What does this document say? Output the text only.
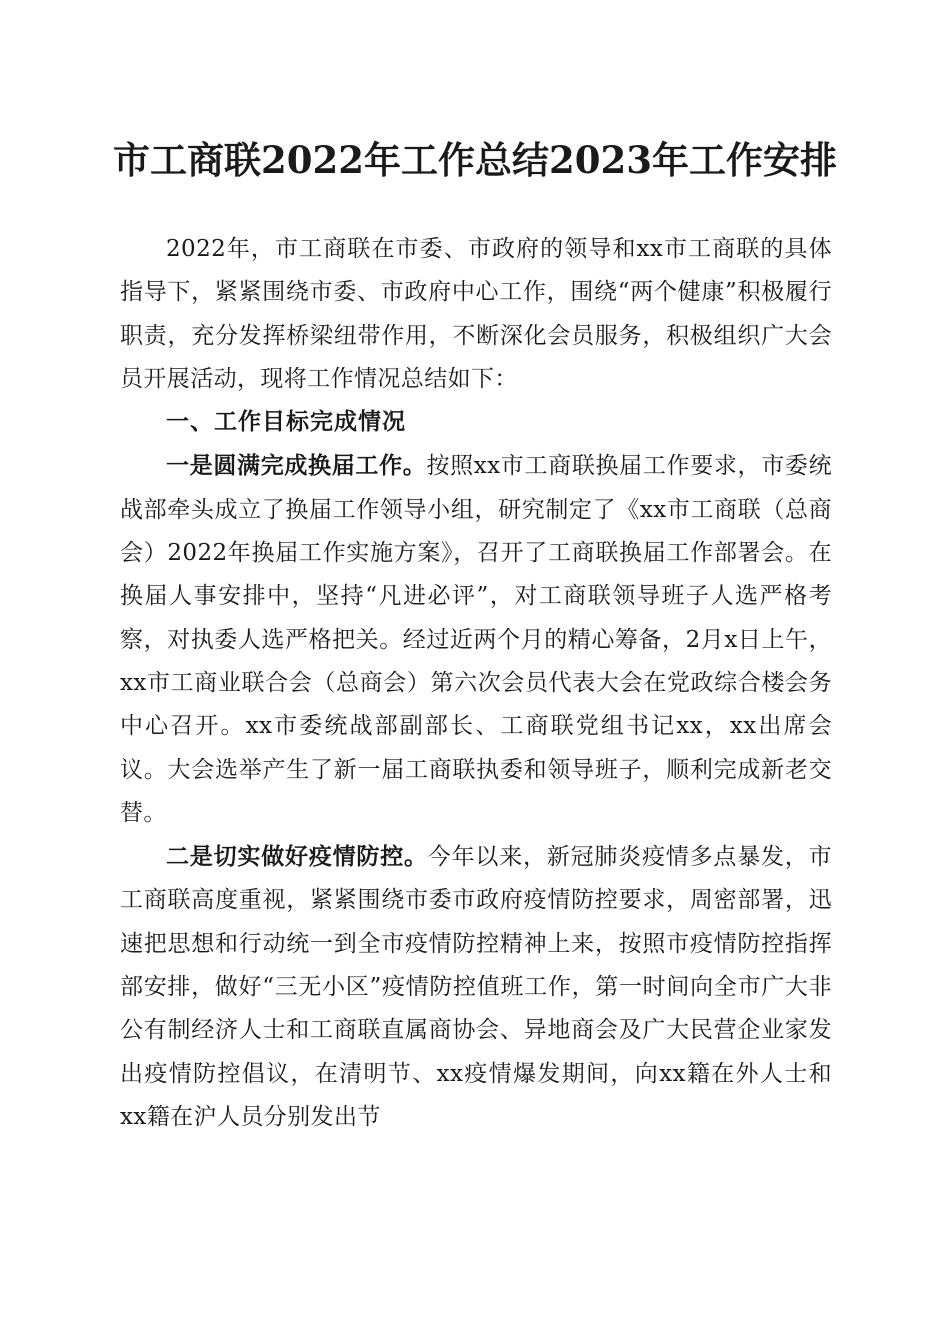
市工商联2022年工作总结2023年工作安排

2022年，市工商联在市委、市政府的领导和xx市工商联的具体指导下，紧紧围绕市委、市政府中心工作，围绕“两个健康”积极履行职责，充分发挥桥梁纽带作用，不断深化会员服务，积极组织广大会员开展活动，现将工作情况总结如下：

一、工作目标完成情况

一是圆满完成换届工作。按照xx市工商联换届工作要求，市委统战部牵头成立了换届工作领导小组，研究制定了《xx市工商联（总商会）2022年换届工作实施方案》，召开了工商联换届工作部署会。在换届人事安排中，坚持“凡进必评”，对工商联领导班子人选严格考察，对执委人选严格把关。经过近两个月的精心筹备，2月x日上午，xx市工商业联合会（总商会）第六次会员代表大会在党政综合楼会务中心召开。xx市委统战部副部长、工商联党组书记xx，xx出席会议。大会选举产生了新一届工商联执委和领导班子，顺利完成新老交替。

二是切实做好疫情防控。今年以来，新冠肺炎疫情多点暴发，市工商联高度重视，紧紧围绕市委市政府疫情防控要求，周密部署，迅速把思想和行动统一到全市疫情防控精神上来，按照市疫情防控指挥部安排，做好“三无小区”疫情防控值班工作，第一时间向全市广大非公有制经济人士和工商联直属商协会、异地商会及广大民营企业家发出疫情防控倡议，在清明节、xx疫情爆发期间，向xx籍在外人士和xx籍在沪人员分别发出节
